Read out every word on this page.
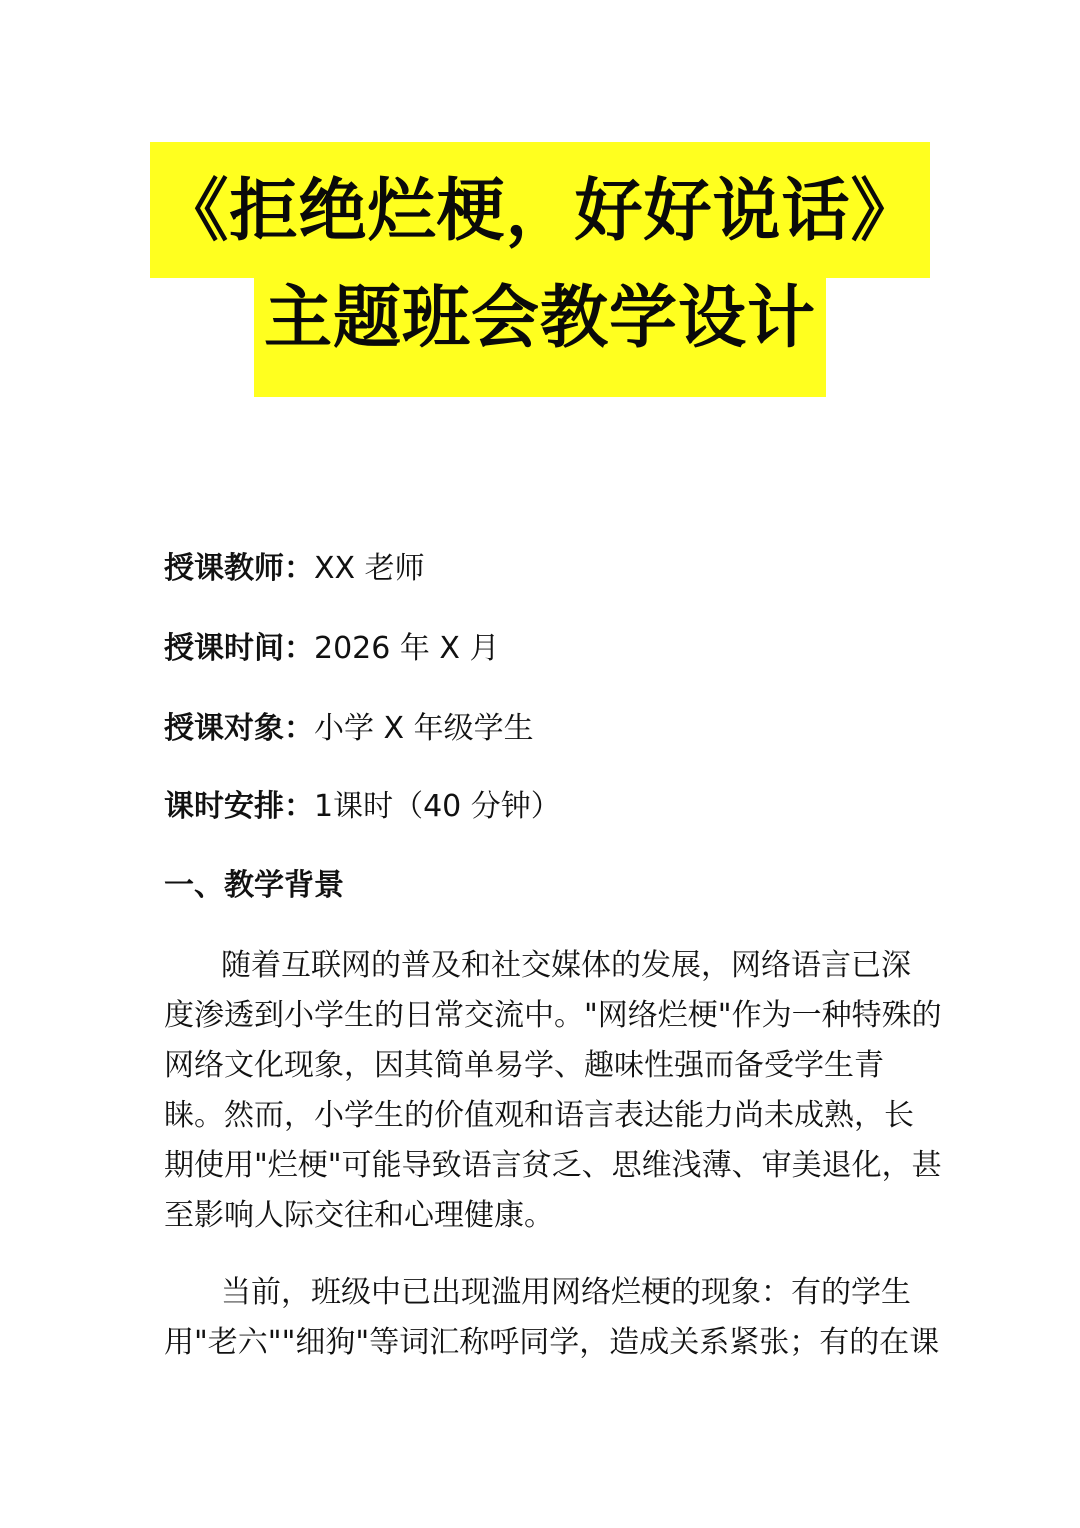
《拒绝烂梗，好好说话》
主题班会教学设计
授课教师：XX 老师
授课时间：2026 年 X 月
授课对象：小学 X 年级学生
课时安排：1课时（40 分钟）
一、教学背景
随着互联网的普及和社交媒体的发展，网络语言已深
度渗透到小学生的日常交流中。"网络烂梗"作为一种特殊的
网络文化现象，因其简单易学、趣味性强而备受学生青
睐。然而，小学生的价值观和语言表达能力尚未成熟，长
期使用"烂梗"可能导致语言贫乏、思维浅薄、审美退化，甚
至影响人际交往和心理健康。
当前，班级中已出现滥用网络烂梗的现象：有的学生
用"老六""细狗"等词汇称呼同学，造成关系紧张；有的在课
